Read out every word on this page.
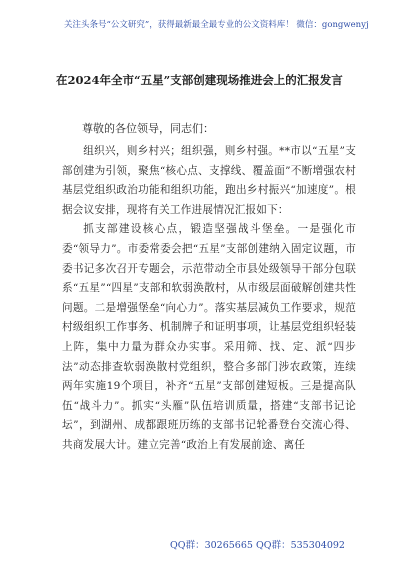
关注头条号“公文研究”，获得最新最全最专业的公文资料库！ 微信：gongwenyj
在2024年全市“五星”支部创建现场推进会上的汇报发言

尊敬的各位领导，同志们：

组织兴，则乡村兴；组织强，则乡村强。**市以“五星”支部创建为引领，聚焦“核心点、支撑线、覆盖面”不断增强农村基层党组织政治功能和组织功能，跑出乡村振兴“加速度”。根据会议安排，现将有关工作进展情况汇报如下：

抓支部建设核心点，锻造坚强战斗堡垒。一是强化市委“领导力”。市委常委会把“五星”支部创建纳入固定议题，市委书记多次召开专题会，示范带动全市县处级领导干部分包联系“五星”“四星”支部和软弱涣散村，从市级层面破解创建共性问题。二是增强堡垒“向心力”。落实基层减负工作要求，规范村级组织工作事务、机制牌子和证明事项，让基层党组织轻装上阵，集中力量为群众办实事。采用筛、找、定、派“四步法”动态排查软弱涣散村党组织，整合多部门涉农政策，连续两年实施19个项目，补齐“五星”支部创建短板。三是提高队伍“战斗力”。抓实“头雁”队伍培训质量，搭建“支部书记论坛”，到湖州、成都跟班历练的支部书记轮番登台交流心得、共商发展大计。建立完善“政治上有发展前途、离任

QQ群：30265665 QQ群：535304092
